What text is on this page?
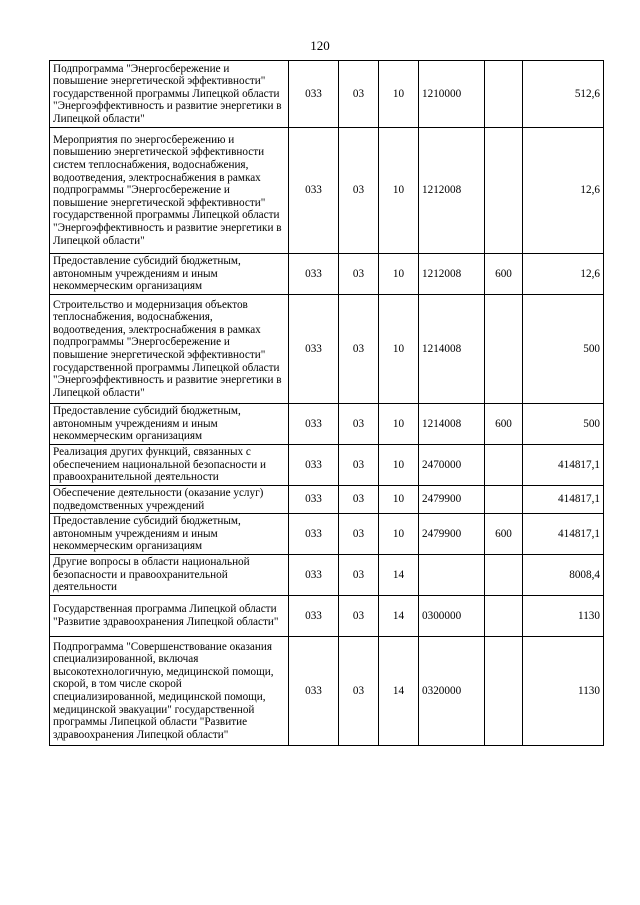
120
Подпрограмма "Энергосбережение и повышение энергетической эффективности" государственной программы Липецкой области "Энергоэффективность и развитие энергетики в Липецкой области"	033	03	10	1210000		512,6
Мероприятия по энергосбережению и повышению энергетической эффективности систем теплоснабжения, водоснабжения, водоотведения, электроснабжения в рамках подпрограммы "Энергосбережение и повышение энергетической эффективности" государственной программы Липецкой области "Энергоэффективность и развитие энергетики в Липецкой области"	033	03	10	1212008		12,6
Предоставление субсидий бюджетным, автономным учреждениям и иным некоммерческим организациям	033	03	10	1212008	600	12,6
Строительство и модернизация объектов теплоснабжения, водоснабжения, водоотведения, электроснабжения в рамках подпрограммы "Энергосбережение и повышение энергетической эффективности" государственной программы Липецкой области "Энергоэффективность и развитие энергетики в Липецкой области"	033	03	10	1214008		500
Предоставление субсидий бюджетным, автономным учреждениям и иным некоммерческим организациям	033	03	10	1214008	600	500
Реализация других функций, связанных с обеспечением национальной безопасности и правоохранительной деятельности	033	03	10	2470000		414817,1
Обеспечение деятельности (оказание услуг) подведомственных учреждений	033	03	10	2479900		414817,1
Предоставление субсидий бюджетным, автономным учреждениям и иным некоммерческим организациям	033	03	10	2479900	600	414817,1
Другие вопросы в области национальной безопасности и правоохранительной деятельности	033	03	14			8008,4
Государственная программа Липецкой области "Развитие здравоохранения Липецкой области"	033	03	14	0300000		1130
Подпрограмма "Совершенствование оказания специализированной, включая высокотехнологичную, медицинской помощи, скорой, в том числе скорой специализированной, медицинской помощи, медицинской эвакуации" государственной программы Липецкой области "Развитие здравоохранения Липецкой области"	033	03	14	0320000		1130
